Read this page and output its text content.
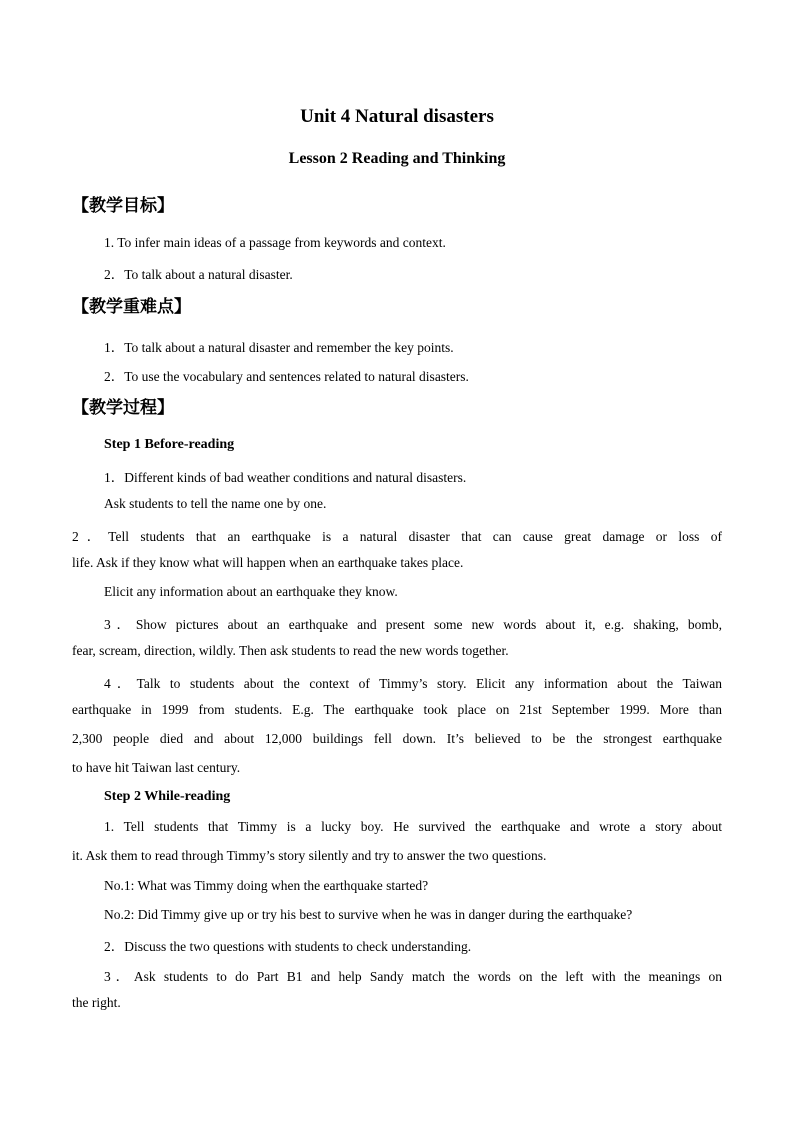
Unit 4 Natural disasters
Lesson 2 Reading and Thinking
【教学目标】
1. To infer main ideas of a passage from keywords and context.
2．To talk about a natural disaster.
【教学重难点】
1．To talk about a natural disaster and remember the key points.
2．To use the vocabulary and sentences related to natural disasters.
【教学过程】
Step 1 Before-reading
1．Different kinds of bad weather conditions and natural disasters.
Ask students to tell the name one by one.
2．Tell students that an earthquake is a natural disaster that can cause great damage or loss of
life. Ask if they know what will happen when an earthquake takes place.
Elicit any information about an earthquake they know.
3．Show pictures about an earthquake and present some new words about it, e.g. shaking, bomb,
fear, scream, direction, wildly. Then ask students to read the new words together.
4．Talk to students about the context of Timmy’s story. Elicit any information about the Taiwan
earthquake in 1999 from students. E.g. The earthquake took place on 21st September 1999. More than
2,300 people died and about 12,000 buildings fell down. It’s believed to be the strongest earthquake
to have hit Taiwan last century.
Step 2 While-reading
1. Tell students that Timmy is a lucky boy. He survived the earthquake and wrote a story about
it. Ask them to read through Timmy’s story silently and try to answer the two questions.
No.1: What was Timmy doing when the earthquake started?
No.2: Did Timmy give up or try his best to survive when he was in danger during the earthquake?
2．Discuss the two questions with students to check understanding.
3．Ask students to do Part B1 and help Sandy match the words on the left with the meanings on
the right.
